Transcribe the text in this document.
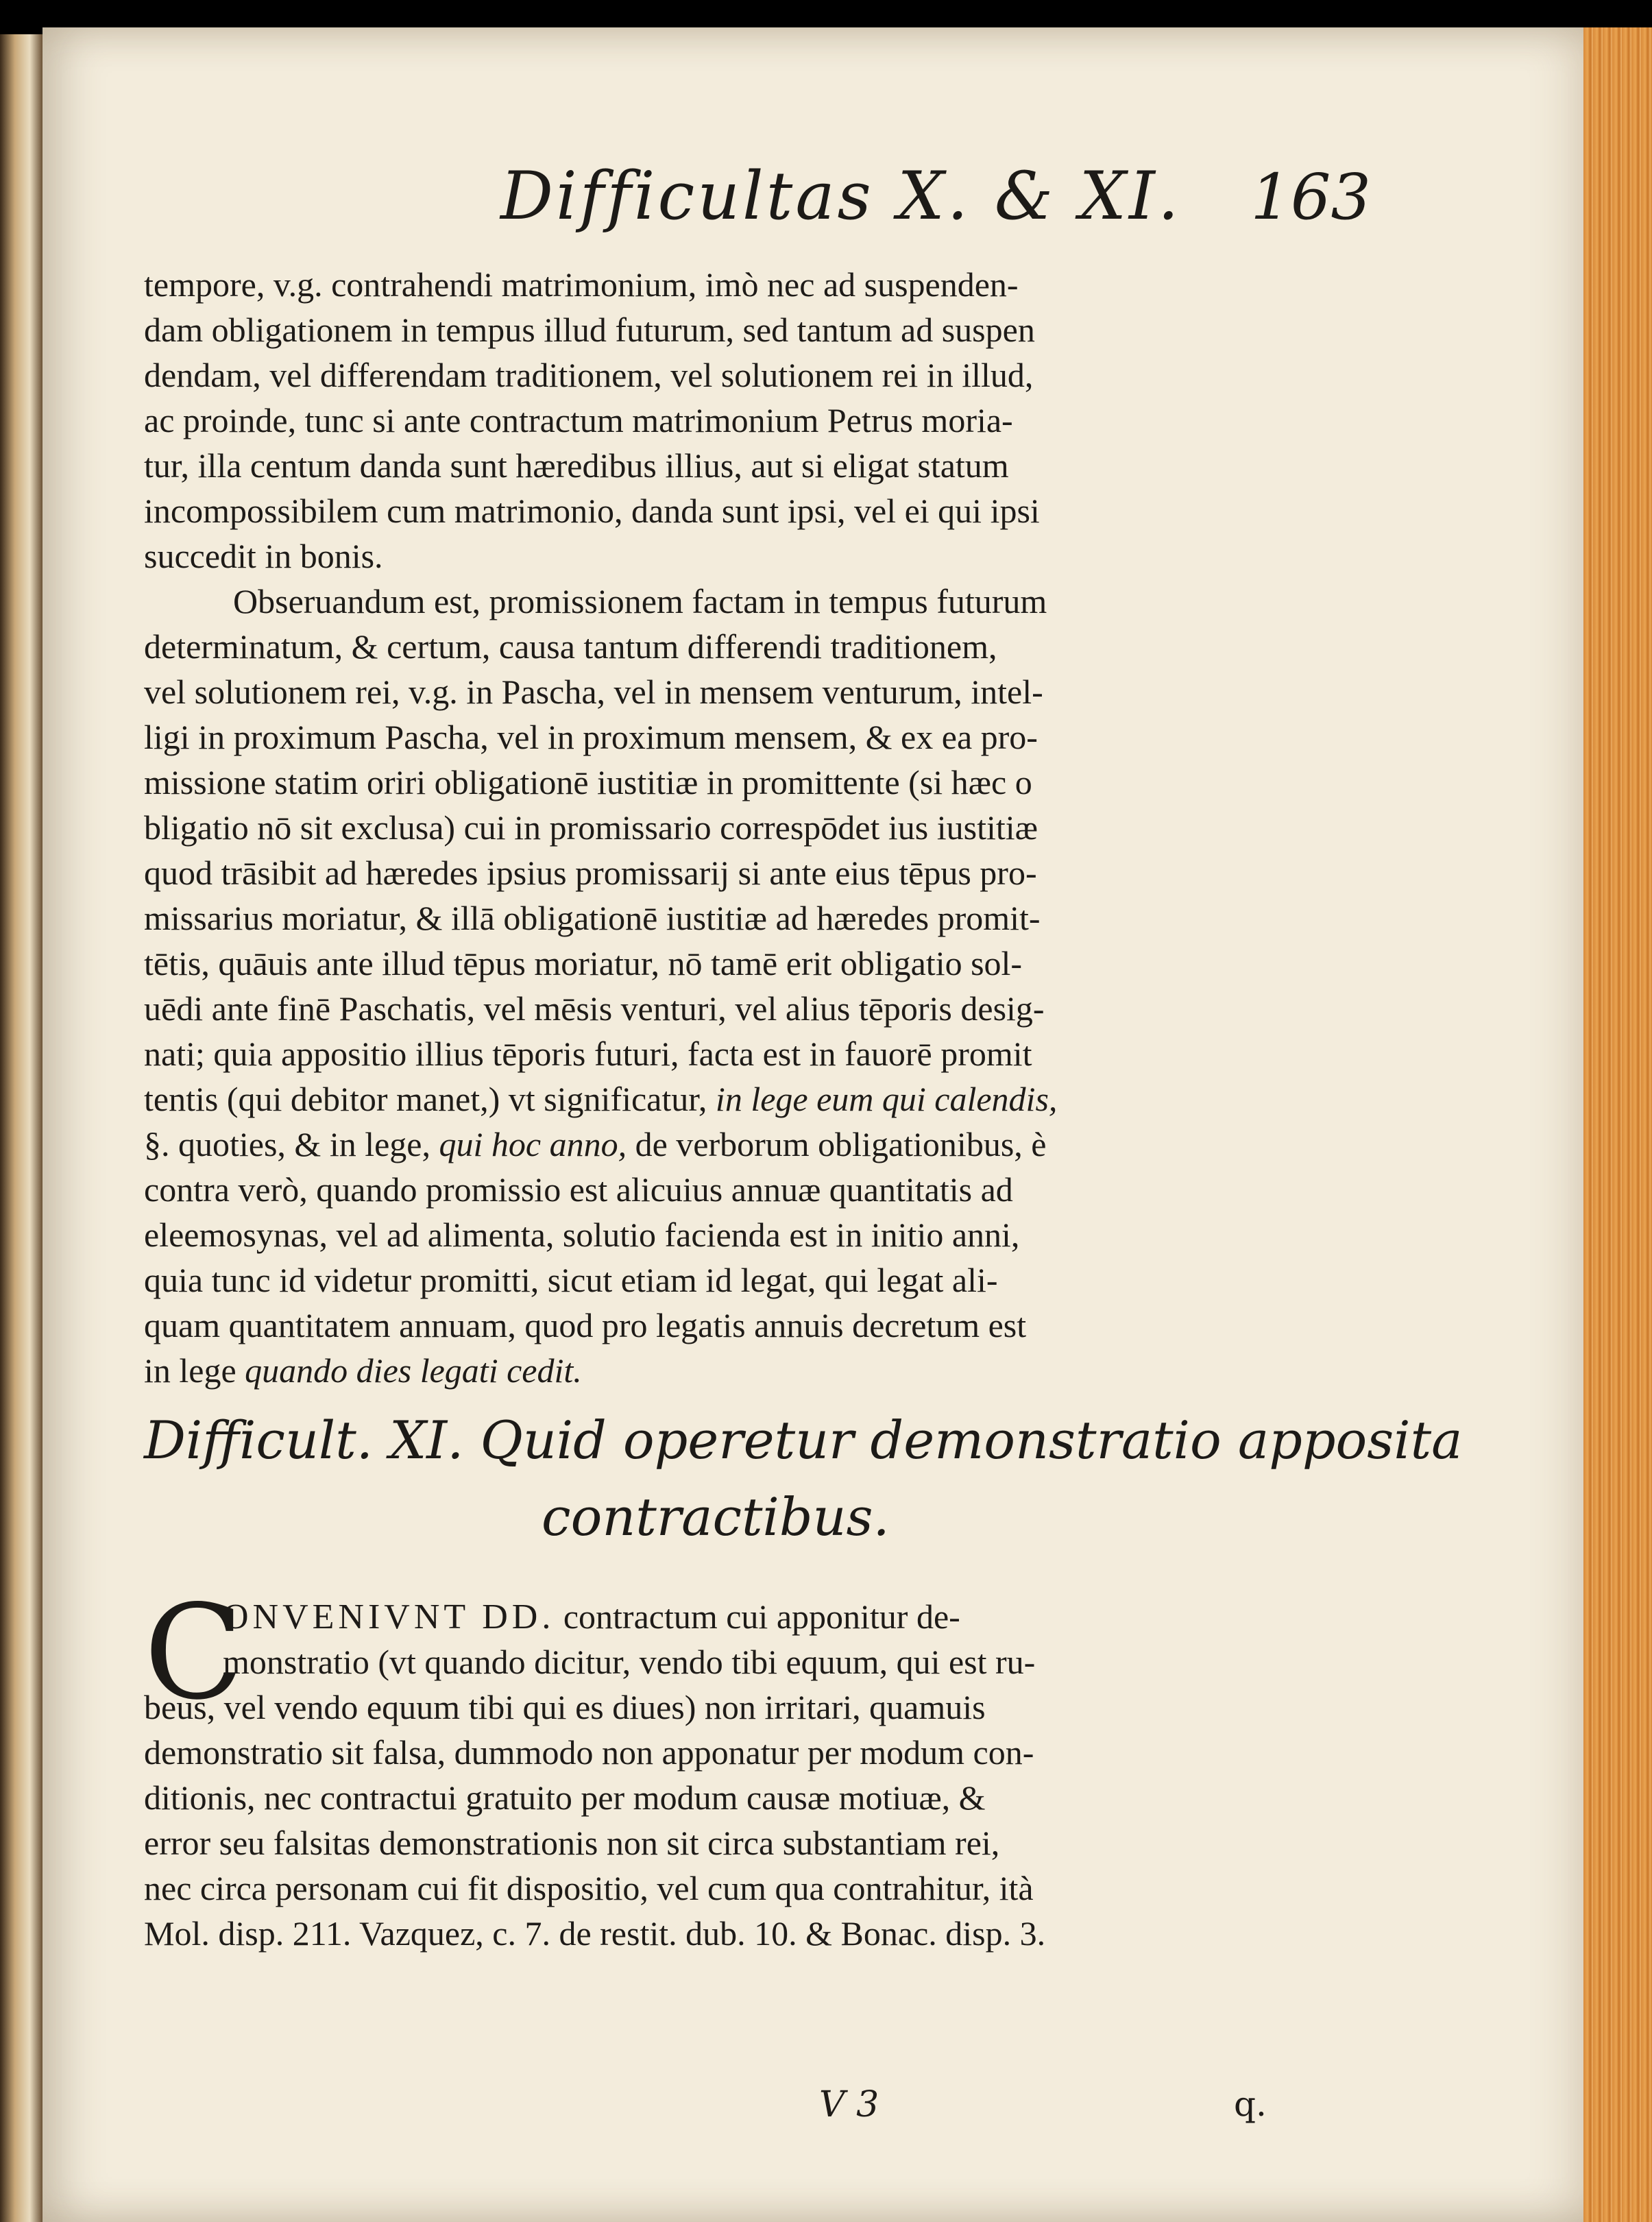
Difficultas X. & XI. 163
tempore, v.g. contrahendi matrimonium, imò nec ad suspenden-
dam obligationem in tempus illud futurum, sed tantum ad suspen
dendam, vel differendam traditionem, vel solutionem rei in illud,
ac proinde, tunc si ante contractum matrimonium Petrus moria-
tur, illa centum danda sunt hæredibus illius, aut si eligat statum
incompossibilem cum matrimonio, danda sunt ipsi, vel ei qui ipsi
succedit in bonis.
Obseruandum est, promissionem factam in tempus futurum
determinatum, & certum, causa tantum differendi traditionem,
vel solutionem rei, v.g. in Pascha, vel in mensem venturum, intel-
ligi in proximum Pascha, vel in proximum mensem, & ex ea pro-
missione statim oriri obligationē iustitiæ in promittente (si hæc o
bligatio nō sit exclusa) cui in promissario correspōdet ius iustitiæ
quod trāsibit ad hæredes ipsius promissarij si ante eius tēpus pro-
missarius moriatur, & illā obligationē iustitiæ ad hæredes promit-
tētis, quāuis ante illud tēpus moriatur, nō tamē erit obligatio sol-
uēdi ante finē Paschatis, vel mēsis venturi, vel alius tēporis desig-
nati; quia appositio illius tēporis futuri, facta est in fauorē promit
tentis (qui debitor manet,) vt significatur, in lege eum qui calendis,
§. quoties, & in lege, qui hoc anno, de verborum obligationibus, è
contra verò, quando promissio est alicuius annuæ quantitatis ad
eleemosynas, vel ad alimenta, solutio facienda est in initio anni,
quia tunc id videtur promitti, sicut etiam id legat, qui legat ali-
quam quantitatem annuam, quod pro legatis annuis decretum est
in lege quando dies legati cedit.
Difficult. XI. Quid operetur demonstratio apposita
contractibus.
C
ONVENIVNT DD. contractum cui apponitur de-
monstratio (vt quando dicitur, vendo tibi equum, qui est ru-
beus, vel vendo equum tibi qui es diues) non irritari, quamuis
demonstratio sit falsa, dummodo non apponatur per modum con-
ditionis, nec contractui gratuito per modum causæ motiuæ, &
error seu falsitas demonstrationis non sit circa substantiam rei,
nec circa personam cui fit dispositio, vel cum qua contrahitur, ità
Mol. disp. 211. Vazquez, c. 7. de restit. dub. 10. & Bonac. disp. 3.
V 3	q.
